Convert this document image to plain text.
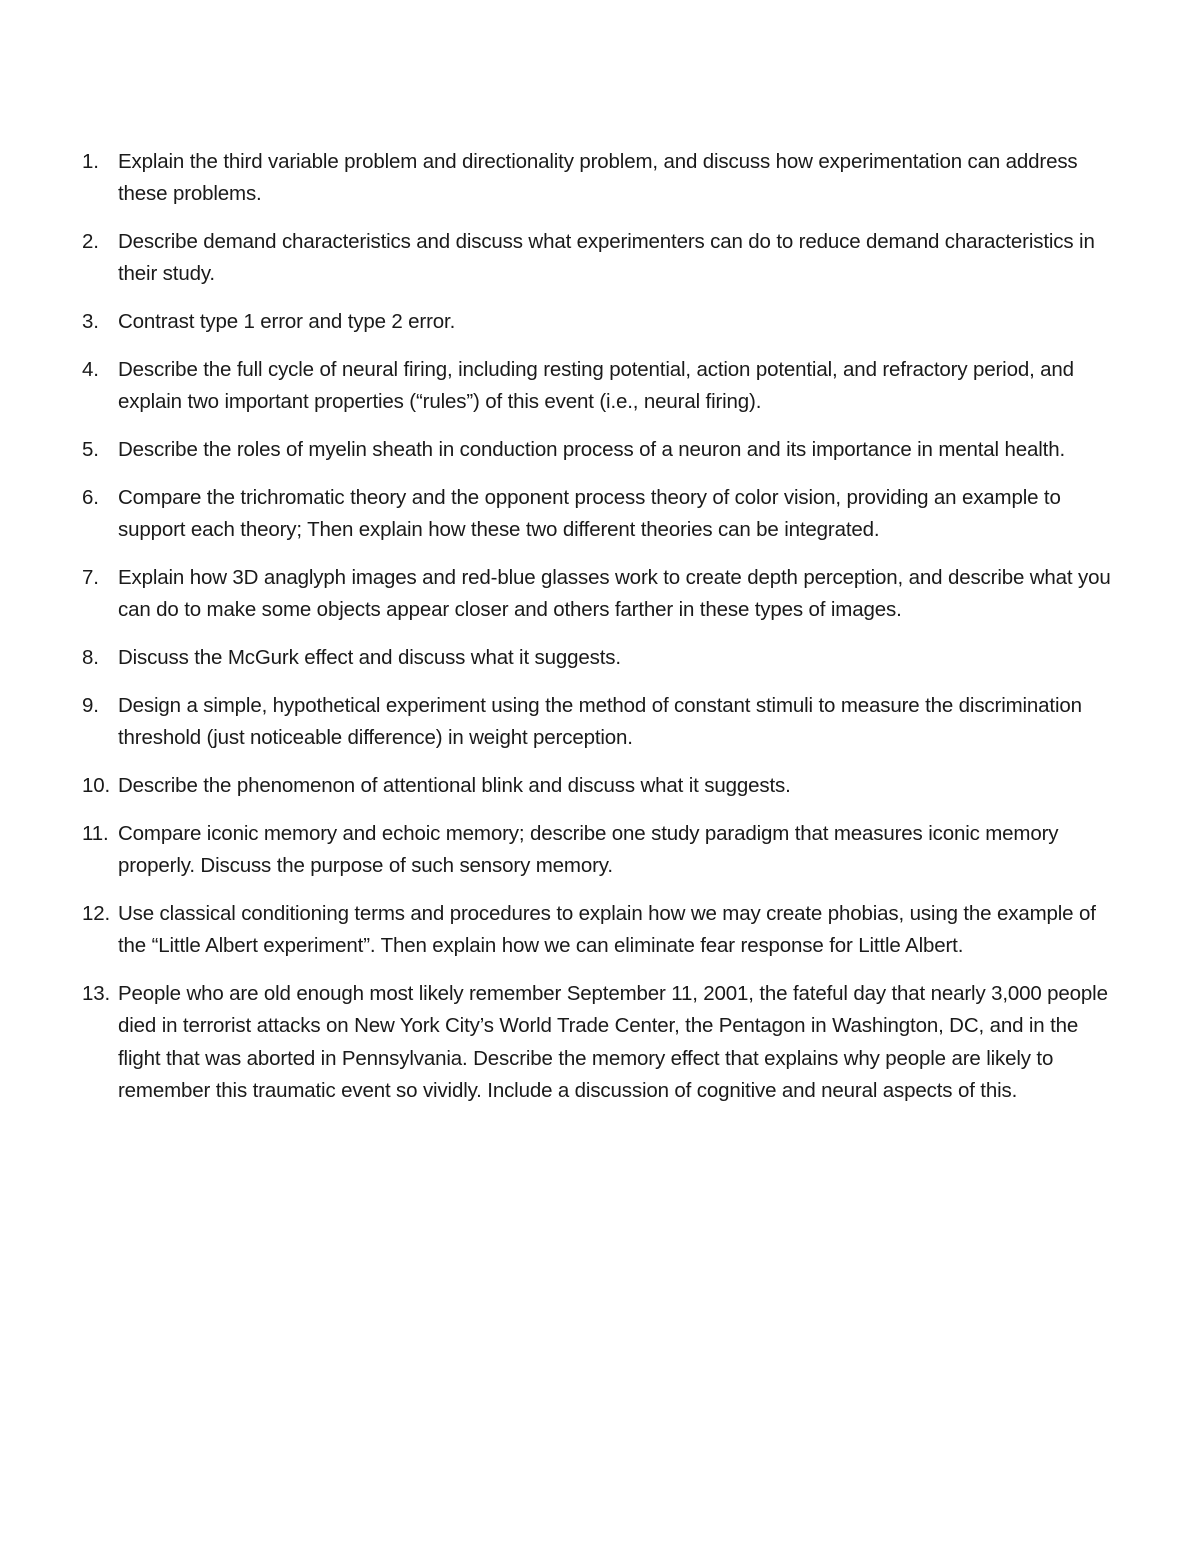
1. Explain the third variable problem and directionality problem, and discuss how experimentation can address these problems.
2. Describe demand characteristics and discuss what experimenters can do to reduce demand characteristics in their study.
3. Contrast type 1 error and type 2 error.
4. Describe the full cycle of neural firing, including resting potential, action potential, and refractory period, and explain two important properties (“rules”) of this event (i.e., neural firing).
5. Describe the roles of myelin sheath in conduction process of a neuron and its importance in mental health.
6. Compare the trichromatic theory and the opponent process theory of color vision, providing an example to support each theory; Then explain how these two different theories can be integrated.
7. Explain how 3D anaglyph images and red-blue glasses work to create depth perception, and describe what you can do to make some objects appear closer and others farther in these types of images.
8. Discuss the McGurk effect and discuss what it suggests.
9. Design a simple, hypothetical experiment using the method of constant stimuli to measure the discrimination threshold (just noticeable difference) in weight perception.
10. Describe the phenomenon of attentional blink and discuss what it suggests.
11. Compare iconic memory and echoic memory; describe one study paradigm that measures iconic memory properly. Discuss the purpose of such sensory memory.
12. Use classical conditioning terms and procedures to explain how we may create phobias, using the example of the “Little Albert experiment”. Then explain how we can eliminate fear response for Little Albert.
13. People who are old enough most likely remember September 11, 2001, the fateful day that nearly 3,000 people died in terrorist attacks on New York City’s World Trade Center, the Pentagon in Washington, DC, and in the flight that was aborted in Pennsylvania. Describe the memory effect that explains why people are likely to remember this traumatic event so vividly. Include a discussion of cognitive and neural aspects of this.
